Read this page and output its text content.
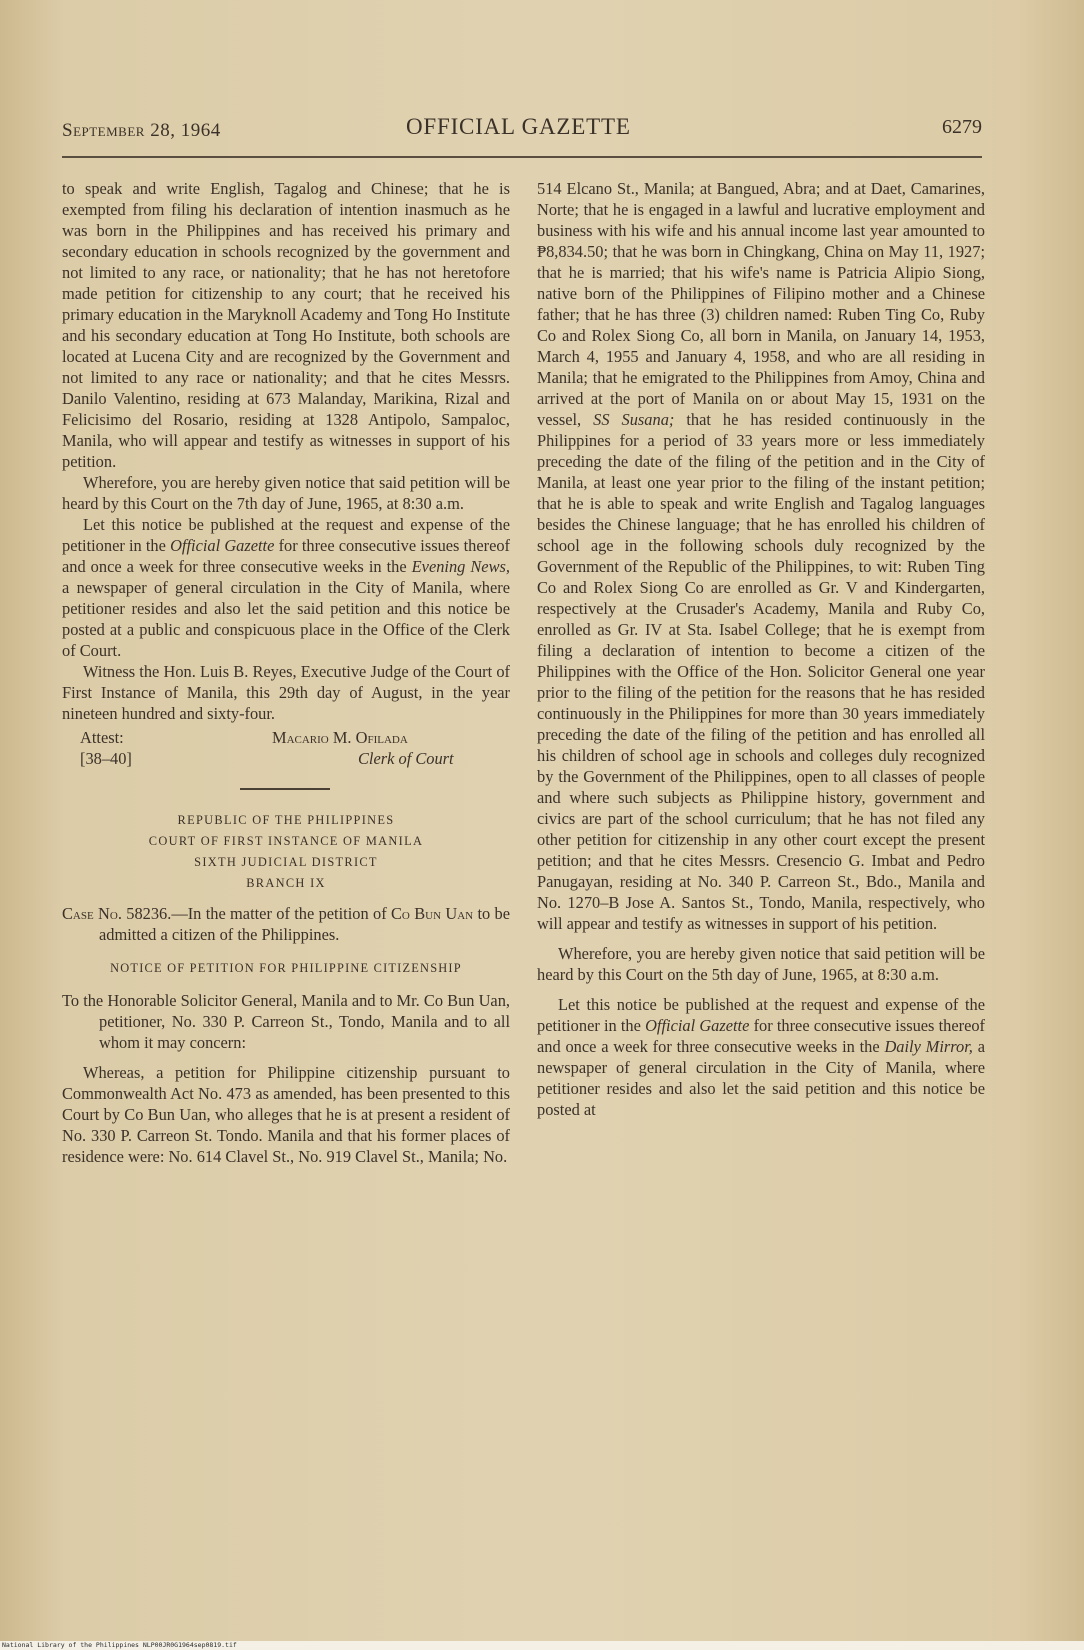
September 28, 1964	OFFICIAL GAZETTE	6279

to speak and write English, Tagalog and Chinese; that he is exempted from filing his declaration of intention inasmuch as he was born in the Philippines and has received his primary and secondary education in schools recognized by the government and not limited to any race, or nationality; that he has not heretofore made petition for citizenship to any court; that he received his primary education in the Maryknoll Academy and Tong Ho Institute and his secondary education at Tong Ho Institute, both schools are located at Lucena City and are recognized by the Government and not limited to any race or nationality; and that he cites Messrs. Danilo Valentino, residing at 673 Malanday, Marikina, Rizal and Felicisimo del Rosario, residing at 1328 Antipolo, Sampaloc, Manila, who will appear and testify as witnesses in support of his petition.

Wherefore, you are hereby given notice that said petition will be heard by this Court on the 7th day of June, 1965, at 8:30 a.m.

Let this notice be published at the request and expense of the petitioner in the Official Gazette for three consecutive issues thereof and once a week for three consecutive weeks in the Evening News, a newspaper of general circulation in the City of Manila, where petitioner resides and also let the said petition and this notice be posted at a public and conspicuous place in the Office of the Clerk of Court.

Witness the Hon. Luis B. Reyes, Executive Judge of the Court of First Instance of Manila, this 29th day of August, in the year nineteen hundred and sixty-four.

Attest:
[38–40]
Macario M. Ofilada
Clerk of Court
REPUBLIC OF THE PHILIPPINES
COURT OF FIRST INSTANCE OF MANILA
SIXTH JUDICIAL DISTRICT
BRANCH IX

Case No. 58236.—In the matter of the petition of Co Bun Uan to be admitted a citizen of the Philippines.

NOTICE OF PETITION FOR PHILIPPINE CITIZENSHIP

To the Honorable Solicitor General, Manila and to Mr. Co Bun Uan, petitioner, No. 330 P. Carreon St., Tondo, Manila and to all whom it may concern:

Whereas, a petition for Philippine citizenship pursuant to Commonwealth Act No. 473 as amended, has been presented to this Court by Co Bun Uan, who alleges that he is at present a resident of No. 330 P. Carreon St. Tondo. Manila and that his former places of residence were: No. 614 Clavel St., No. 919 Clavel St., Manila; No.

514 Elcano St., Manila; at Bangued, Abra; and at Daet, Camarines, Norte; that he is engaged in a lawful and lucrative employment and business with his wife and his annual income last year amounted to ₱8,834.50; that he was born in Chingkang, China on May 11, 1927; that he is married; that his wife's name is Patricia Alipio Siong, native born of the Philippines of Filipino mother and a Chinese father; that he has three (3) children named: Ruben Ting Co, Ruby Co and Rolex Siong Co, all born in Manila, on January 14, 1953, March 4, 1955 and January 4, 1958, and who are all residing in Manila; that he emigrated to the Philippines from Amoy, China and arrived at the port of Manila on or about May 15, 1931 on the vessel, SS Susana; that he has resided continuously in the Philippines for a period of 33 years more or less immediately preceding the date of the filing of the petition and in the City of Manila, at least one year prior to the filing of the instant petition; that he is able to speak and write English and Tagalog languages besides the Chinese language; that he has enrolled his children of school age in the following schools duly recognized by the Government of the Republic of the Philippines, to wit: Ruben Ting Co and Rolex Siong Co are enrolled as Gr. V and Kindergarten, respectively at the Crusader's Academy, Manila and Ruby Co, enrolled as Gr. IV at Sta. Isabel College; that he is exempt from filing a declaration of intention to become a citizen of the Philippines with the Office of the Hon. Solicitor General one year prior to the filing of the petition for the reasons that he has resided continuously in the Philippines for more than 30 years immediately preceding the date of the filing of the petition and has enrolled all his children of school age in schools and colleges duly recognized by the Government of the Philippines, open to all classes of people and where such subjects as Philippine history, government and civics are part of the school curriculum; that he has not filed any other petition for citizenship in any other court except the present petition; and that he cites Messrs. Cresencio G. Imbat and Pedro Panugayan, residing at No. 340 P. Carreon St., Bdo., Manila and No. 1270–B Jose A. Santos St., Tondo, Manila, respectively, who will appear and testify as witnesses in support of his petition.

Wherefore, you are hereby given notice that said petition will be heard by this Court on the 5th day of June, 1965, at 8:30 a.m.

Let this notice be published at the request and expense of the petitioner in the Official Gazette for three consecutive issues thereof and once a week for three consecutive weeks in the Daily Mirror, a newspaper of general circulation in the City of Manila, where petitioner resides and also let the said petition and this notice be posted at

National Library of the Philippines NLP00JR0G1964sep0819.tif
